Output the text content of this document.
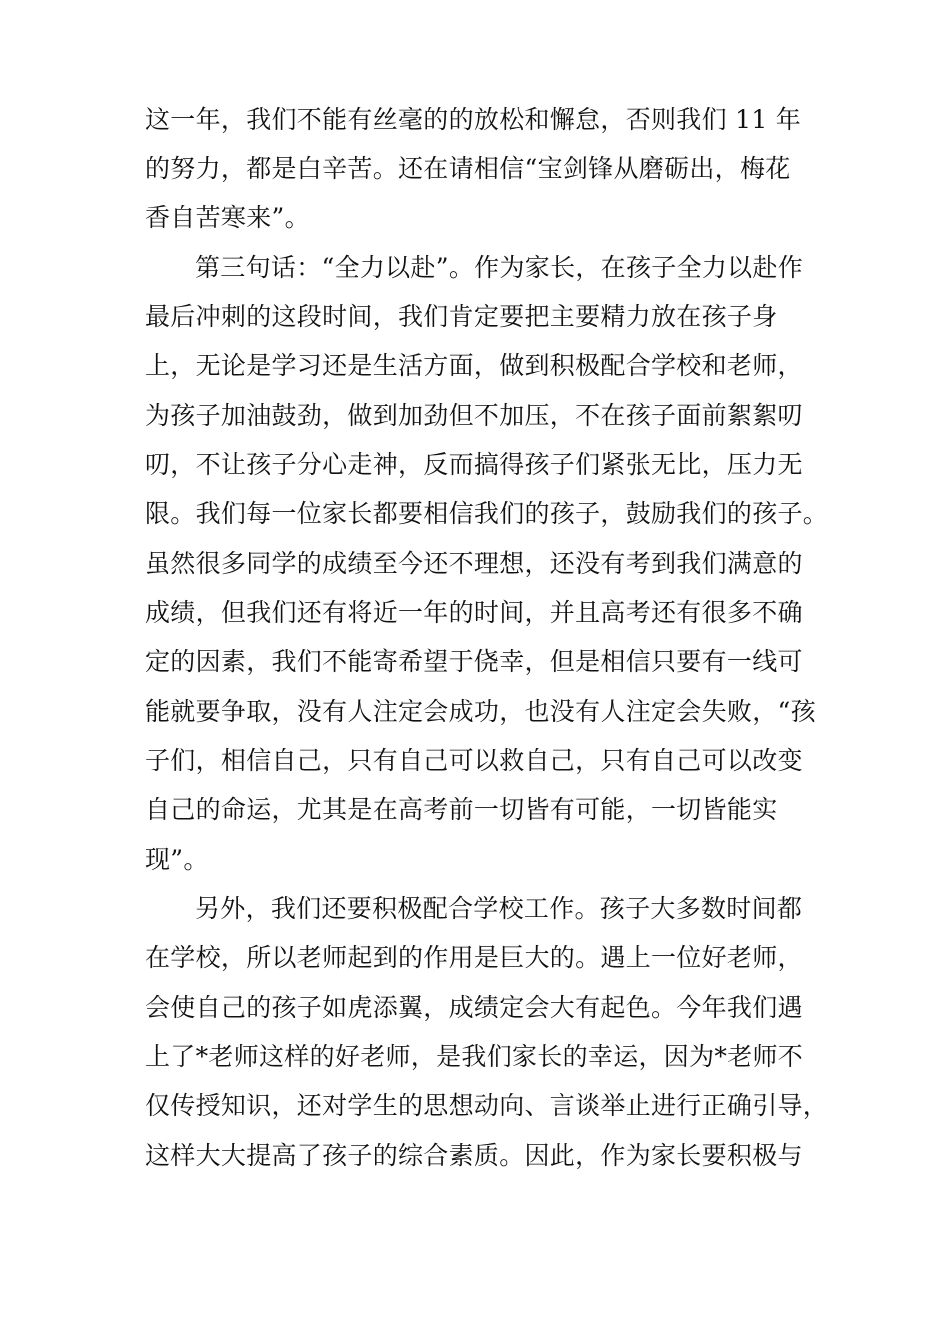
这一年，我们不能有丝毫的的放松和懈怠，否则我们 11 年
的努力，都是白辛苦。还在请相信“宝剑锋从磨砺出，梅花
香自苦寒来”。
第三句话：“全力以赴”。作为家长，在孩子全力以赴作
最后冲刺的这段时间，我们肯定要把主要精力放在孩子身
上，无论是学习还是生活方面，做到积极配合学校和老师，
为孩子加油鼓劲，做到加劲但不加压，不在孩子面前絮絮叨
叨，不让孩子分心走神，反而搞得孩子们紧张无比，压力无
限。我们每一位家长都要相信我们的孩子，鼓励我们的孩子。
虽然很多同学的成绩至今还不理想，还没有考到我们满意的
成绩，但我们还有将近一年的时间，并且高考还有很多不确
定的因素，我们不能寄希望于侥幸，但是相信只要有一线可
能就要争取，没有人注定会成功，也没有人注定会失败，“孩
子们，相信自己，只有自己可以救自己，只有自己可以改变
自己的命运，尤其是在高考前一切皆有可能，一切皆能实
现”。
另外，我们还要积极配合学校工作。孩子大多数时间都
在学校，所以老师起到的作用是巨大的。遇上一位好老师，
会使自己的孩子如虎添翼，成绩定会大有起色。今年我们遇
上了*老师这样的好老师，是我们家长的幸运，因为*老师不
仅传授知识，还对学生的思想动向、言谈举止进行正确引导，
这样大大提高了孩子的综合素质。因此，作为家长要积极与
